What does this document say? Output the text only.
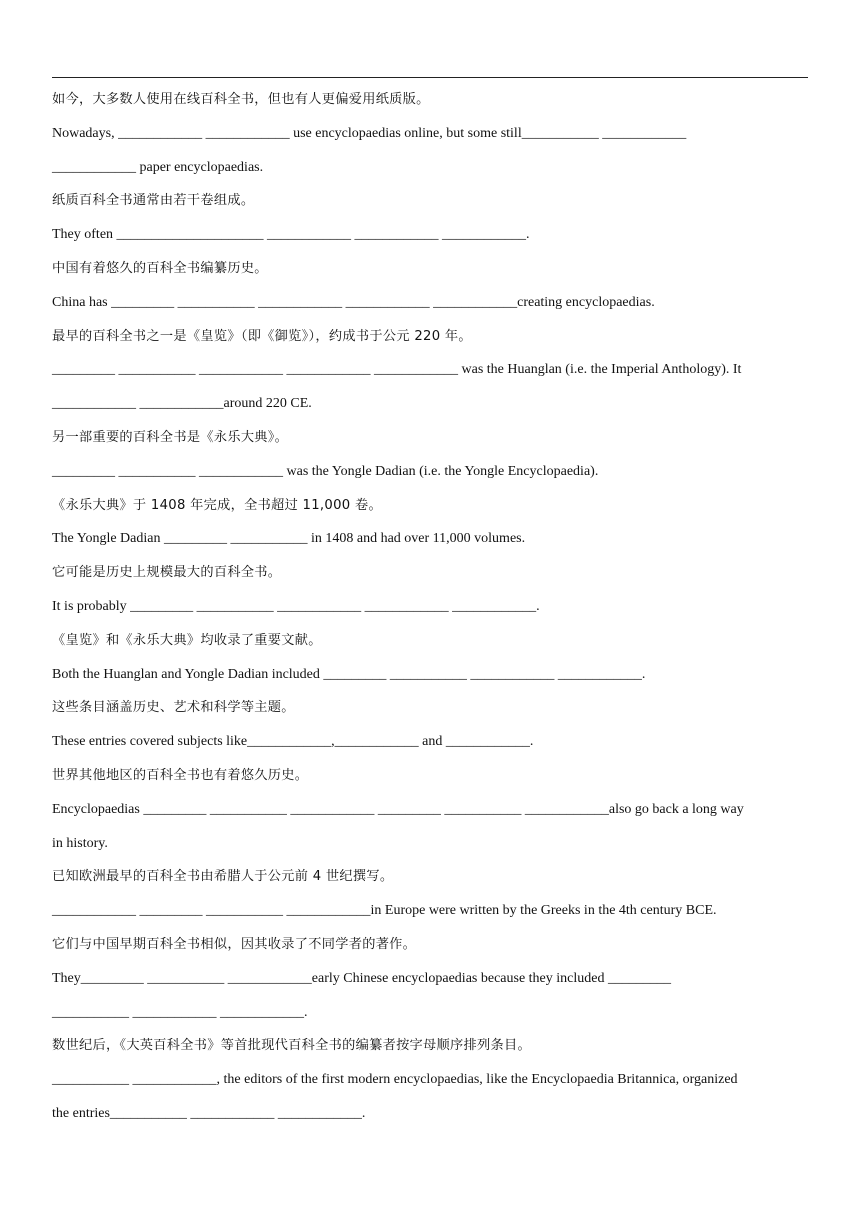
如今，大多数人使用在线百科全书，但也有人更偏爱用纸质版。
Nowadays, ____________ ____________ use encyclopaedias online, but some still___________ ____________
____________ paper encyclopaedias.
纸质百科全书通常由若干卷组成。
They often _____________________ ____________ ____________ ____________.
中国有着悠久的百科全书编纂历史。
China has _________ ___________ ____________ ____________ ____________creating encyclopaedias.
最早的百科全书之一是《皇览》（即《御览》），约成书于公元 220 年。
_________ ___________ ____________ ____________ ____________ was the Huanglan (i.e. the Imperial Anthology). It
____________ ____________around 220 CE.
另一部重要的百科全书是《永乐大典》。
_________ ___________ ____________ was the Yongle Dadian (i.e. the Yongle Encyclopaedia).
《永乐大典》于 1408 年完成，全书超过 11,000 卷。
The Yongle Dadian _________ ___________ in 1408 and had over 11,000 volumes.
它可能是历史上规模最大的百科全书。
It is probably _________ ___________ ____________ ____________ ____________.
《皇览》和《永乐大典》均收录了重要文献。
Both the Huanglan and Yongle Dadian included _________ ___________ ____________ ____________.
这些条目涵盖历史、艺术和科学等主题。
These entries covered subjects like____________,____________ and ____________.
世界其他地区的百科全书也有着悠久历史。
Encyclopaedias _________ ___________ ____________ _________ ___________ ____________also go back a long way
in history.
已知欧洲最早的百科全书由希腊人于公元前 4 世纪撰写。
____________ _________ ___________ ____________in Europe were written by the Greeks in the 4th century BCE.
它们与中国早期百科全书相似，因其收录了不同学者的著作。
They_________ ___________ ____________early Chinese encyclopaedias because they included _________
___________ ____________ ____________.
数世纪后，《大英百科全书》等首批现代百科全书的编纂者按字母顺序排列条目。
___________ ____________, the editors of the first modern encyclopaedias, like the Encyclopaedia Britannica, organized
the entries___________ ____________ ____________.
